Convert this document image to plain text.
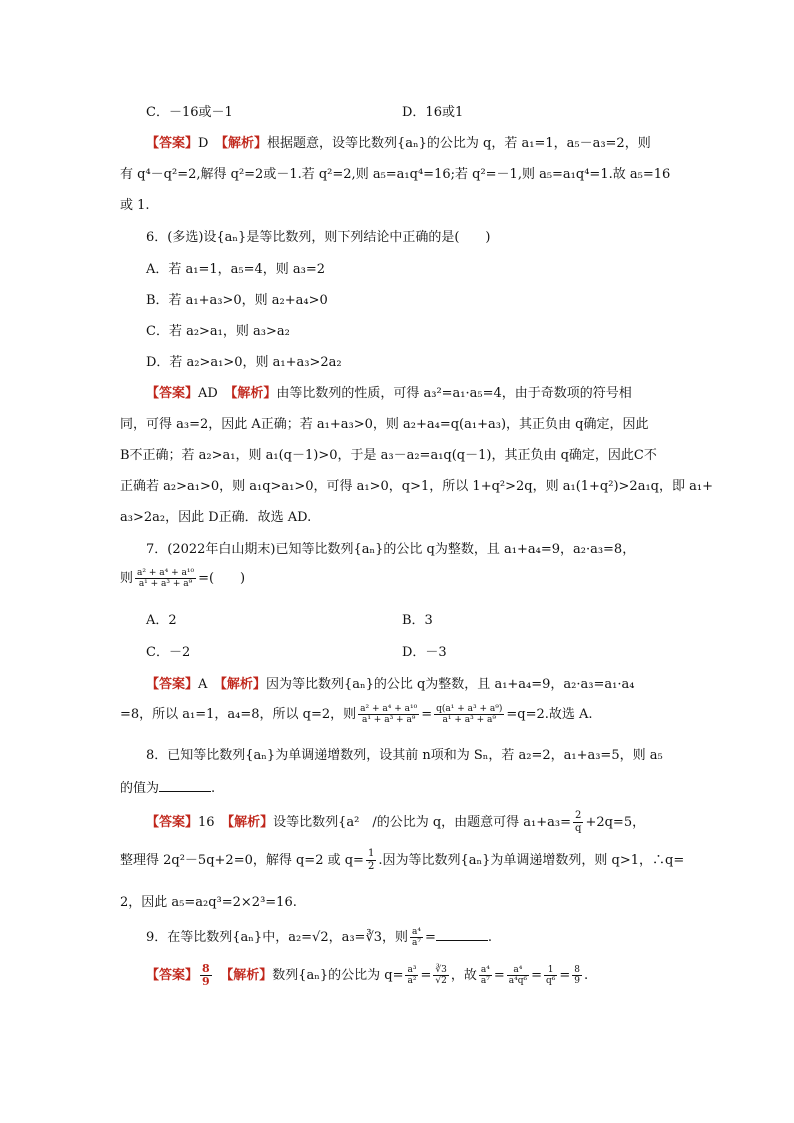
C．－16或－1	D．16或1
【答案】D　 【解析】根据题意，设等比数列{aₙ}的公比为 q，若 a₁=1，a₅－a₃=2，则
有 q⁴－q²=2,解得 q²=2或－1.若 q²=2,则 a₅=a₁q⁴=16;若 q²=－1,则 a₅=a₁q⁴=1.故 a₅=16
或 1.
6．(多选)设{aₙ}是等比数列，则下列结论中正确的是(　　)
A．若 a₁=1，a₅=4，则 a₃=2
B．若 a₁+a₃>0，则 a₂+a₄>0
C．若 a₂>a₁，则 a₃>a₂
D．若 a₂>a₁>0，则 a₁+a₃>2a₂
【答案】AD　 【解析】由等比数列的性质，可得 a₃²=a₁·a₅=4，由于奇数项的符号相
同，可得 a₃=2，因此 A正确；若 a₁+a₃>0，则 a₂+a₄=q(a₁+a₃)，其正负由 q确定，因此
B不正确；若 a₂>a₁，则 a₁(q－1)>0，于是 a₃－a₂=a₁q(q－1)，其正负由 q确定，因此C不
正确若 a₂>a₁>0，则 a₁q>a₁>0，可得 a₁>0，q>1，所以 1+q²>2q，则 a₁(1+q²)>2a₁q，即 a₁+
a₃>2a₂，因此 D正确．故选 AD.
7．(2022年白山期末)已知等比数列{aₙ}的公比 q为整数，且 a₁+a₄=9，a₂·a₃=8，
则 $\frac{\text{a² + a⁴ + a¹⁰}}{\text{a¹ + a³ + a⁹}}$ =(　　)
A．2	B．3
C．－2	D．－3
【答案】A　 【解析】因为等比数列{aₙ}的公比 q为整数，且 a₁+a₄=9，a₂·a₃=a₁·a₄
=8，所以 a₁=1，a₄=8，所以 q=2，则 $\frac{\text{a² + a⁴ + a¹⁰}}{\text{a¹ + a³ + a⁹}} = \frac{\text{q(a¹ + a³ + a⁹)}}{\text{a¹ + a³ + a⁹}} =q=2$.故选 A.
8．已知等比数列{aₙ}为单调递增数列，设其前 n项和为 Sₙ，若 a₂=2，a₁+a₃=5，则 a₅
的值为	.
【答案】16　 【解析】设等比数列{a²　 /的公比为 q，由题意可得 $a_1+a_3= \frac{2}{q} +2q=5$，
整理得 2q²－5q+2=0，解得 q=2 或 $q= \frac{1}{2}$ .因为等比数列{aₙ}为单调递增数列，则 q>1，∴q=
2，因此 a₅=a₂q³=2×2³=16.
9．在等比数列{aₙ}中，a₂=√2，a₃=∛3，则 $\frac{\text{a⁴}}{\text{a⁷}}$ =	.
【答案】 $\frac{8}{9}$
　 【解析】数列{aₙ}的公比为 $q= \frac{\text{a³}}{\text{a²}} = \frac{∛3}{√2}$ ，故 $\frac{\text{a⁴}}{\text{a⁷}} = \frac{\text{a⁴}}{\text{a⁴q⁶}} = \frac{1}{\text{q⁶}} = \frac{8}{9}$ .
